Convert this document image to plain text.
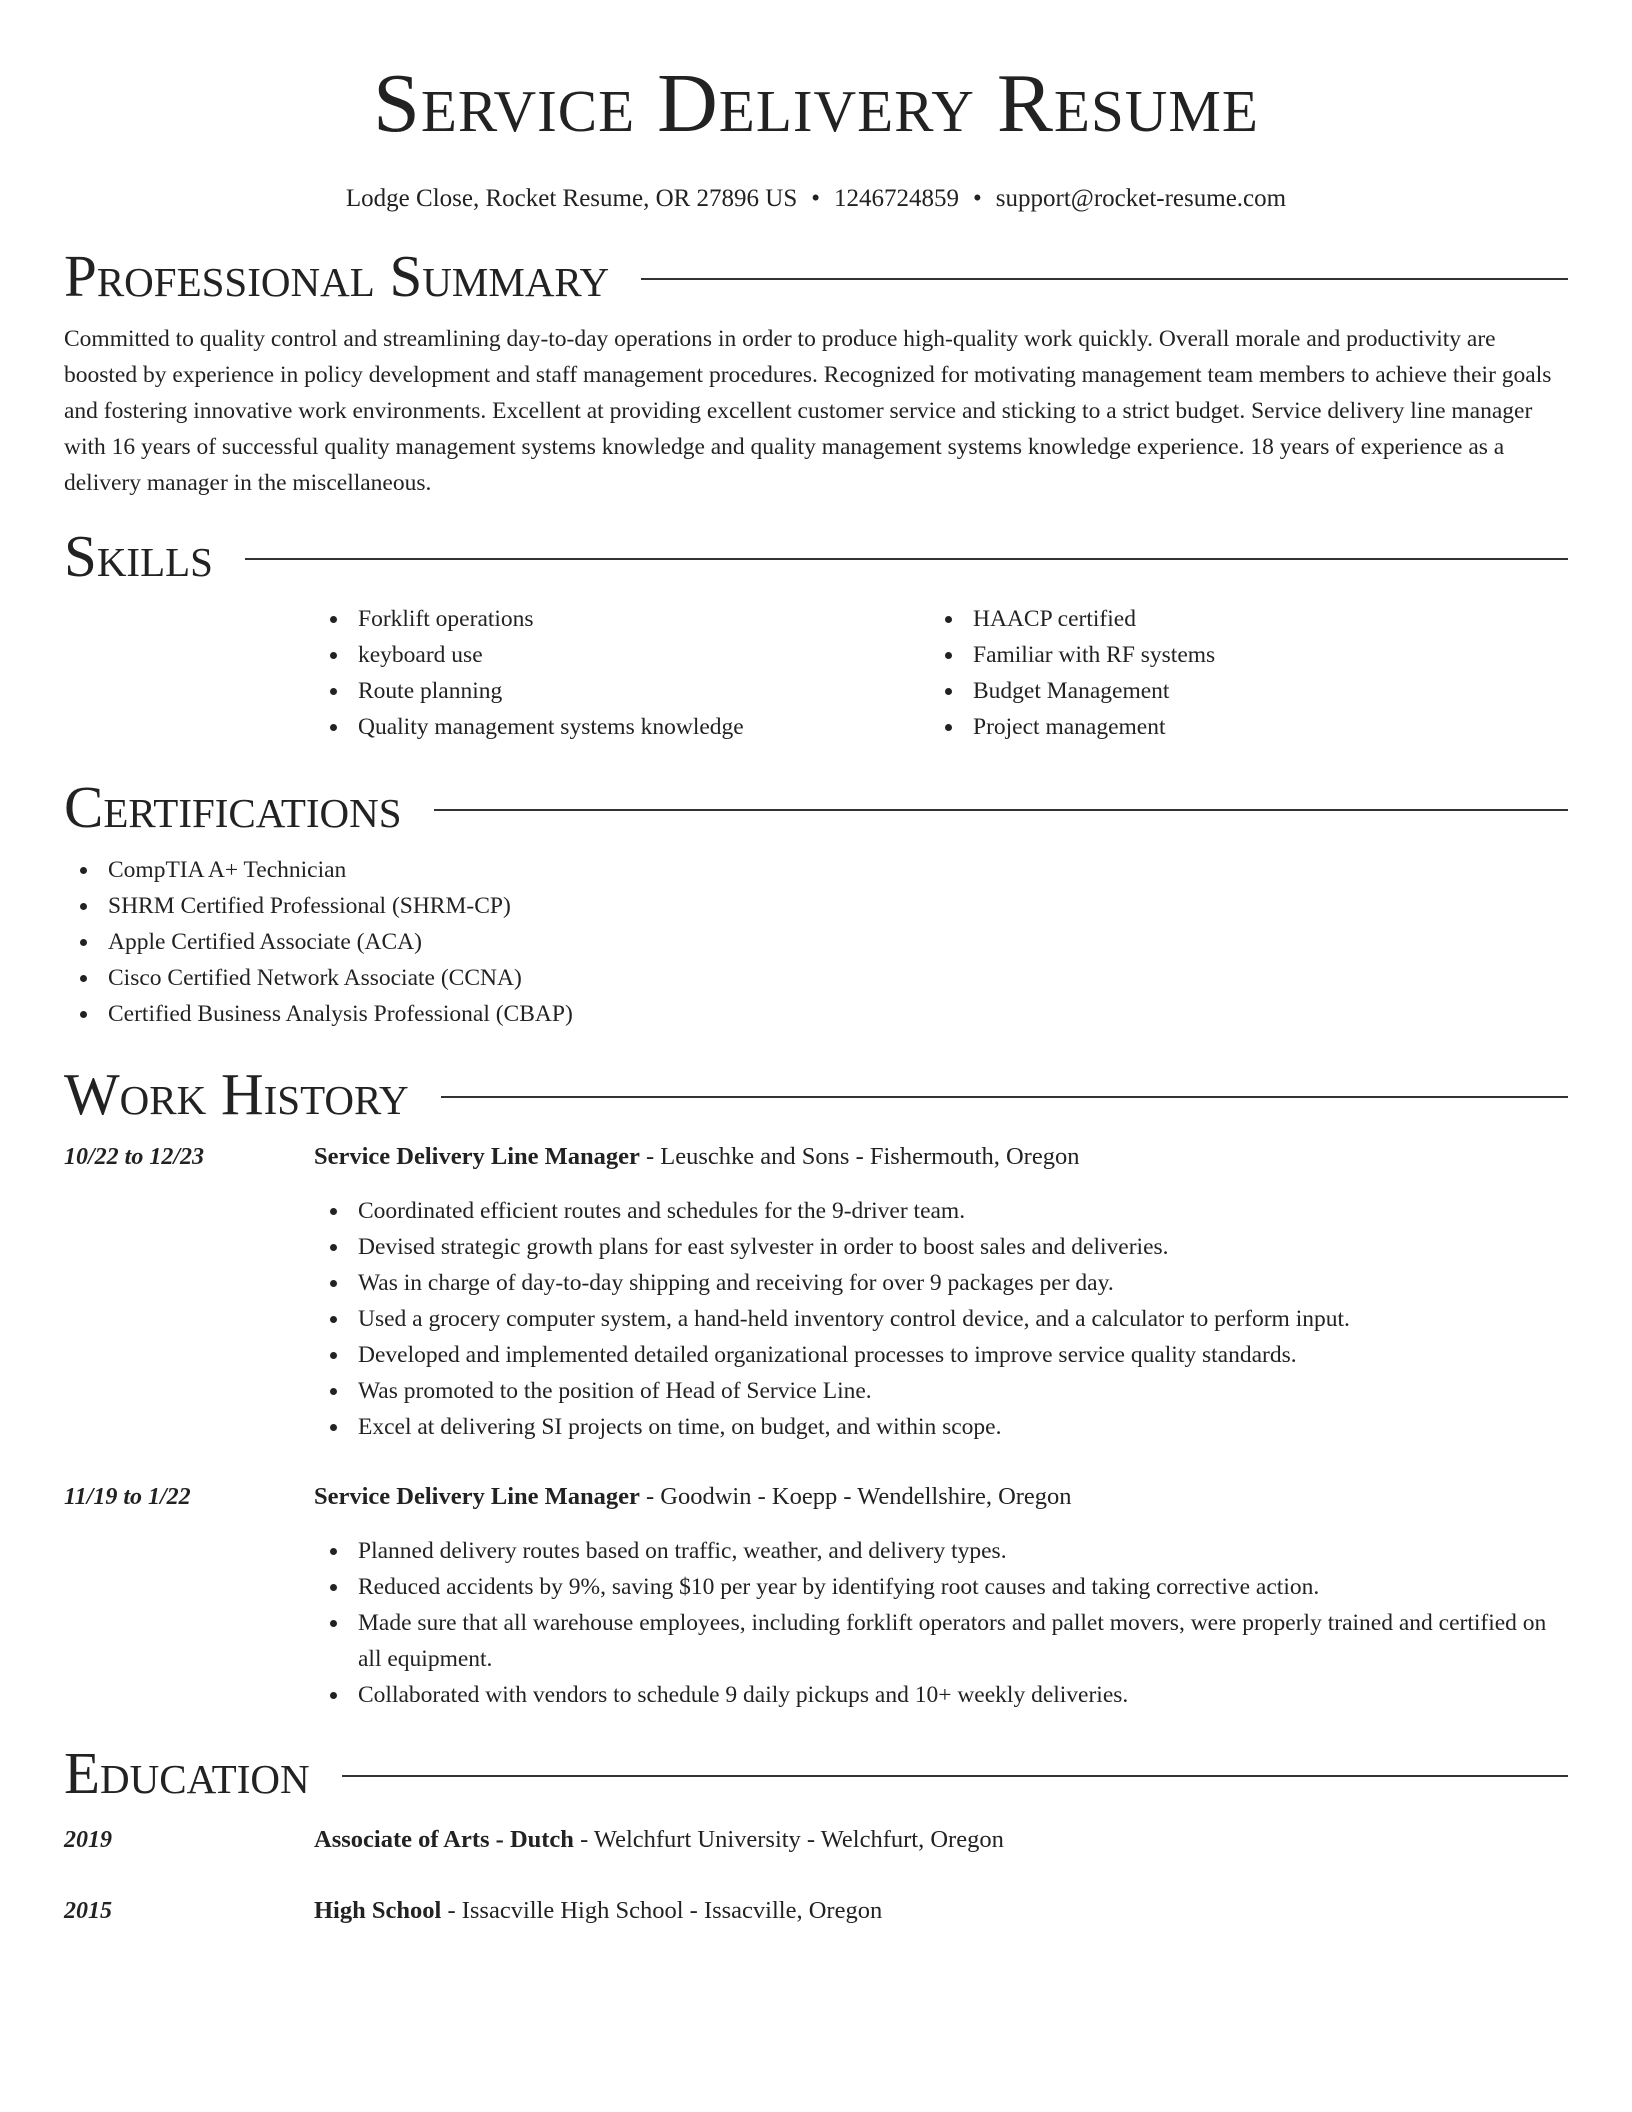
Service Delivery Resume
Lodge Close, Rocket Resume, OR 27896 US • 1246724859 • support@rocket-resume.com
Professional Summary

Committed to quality control and streamlining day-to-day operations in order to produce high-quality work quickly. Overall morale and productivity are boosted by experience in policy development and staff management procedures. Recognized for motivating management team members to achieve their goals and fostering innovative work environments. Excellent at providing excellent customer service and sticking to a strict budget. Service delivery line manager with 16 years of successful quality management systems knowledge and quality management systems knowledge experience. 18 years of experience as a delivery manager in the miscellaneous.

Skills
Forklift operations
keyboard use
Route planning
Quality management systems knowledge
HAACP certified
Familiar with RF systems
Budget Management
Project management
Certifications
CompTIA A+ Technician
SHRM Certified Professional (SHRM-CP)
Apple Certified Associate (ACA)
Cisco Certified Network Associate (CCNA)
Certified Business Analysis Professional (CBAP)
Work History
10/22 to 12/23	Service Delivery Line Manager - Leuschke and Sons - Fishermouth, Oregon
Coordinated efficient routes and schedules for the 9-driver team.
Devised strategic growth plans for east sylvester in order to boost sales and deliveries.
Was in charge of day-to-day shipping and receiving for over 9 packages per day.
Used a grocery computer system, a hand-held inventory control device, and a calculator to perform input.
Developed and implemented detailed organizational processes to improve service quality standards.
Was promoted to the position of Head of Service Line.
Excel at delivering SI projects on time, on budget, and within scope.
11/19 to 1/22	Service Delivery Line Manager - Goodwin - Koepp - Wendellshire, Oregon
Planned delivery routes based on traffic, weather, and delivery types.
Reduced accidents by 9%, saving $10 per year by identifying root causes and taking corrective action.
Made sure that all warehouse employees, including forklift operators and pallet movers, were properly trained and certified on all equipment.
Collaborated with vendors to schedule 9 daily pickups and 10+ weekly deliveries.
Education
2019	Associate of Arts - Dutch - Welchfurt University - Welchfurt, Oregon
2015	High School - Issacville High School - Issacville, Oregon
